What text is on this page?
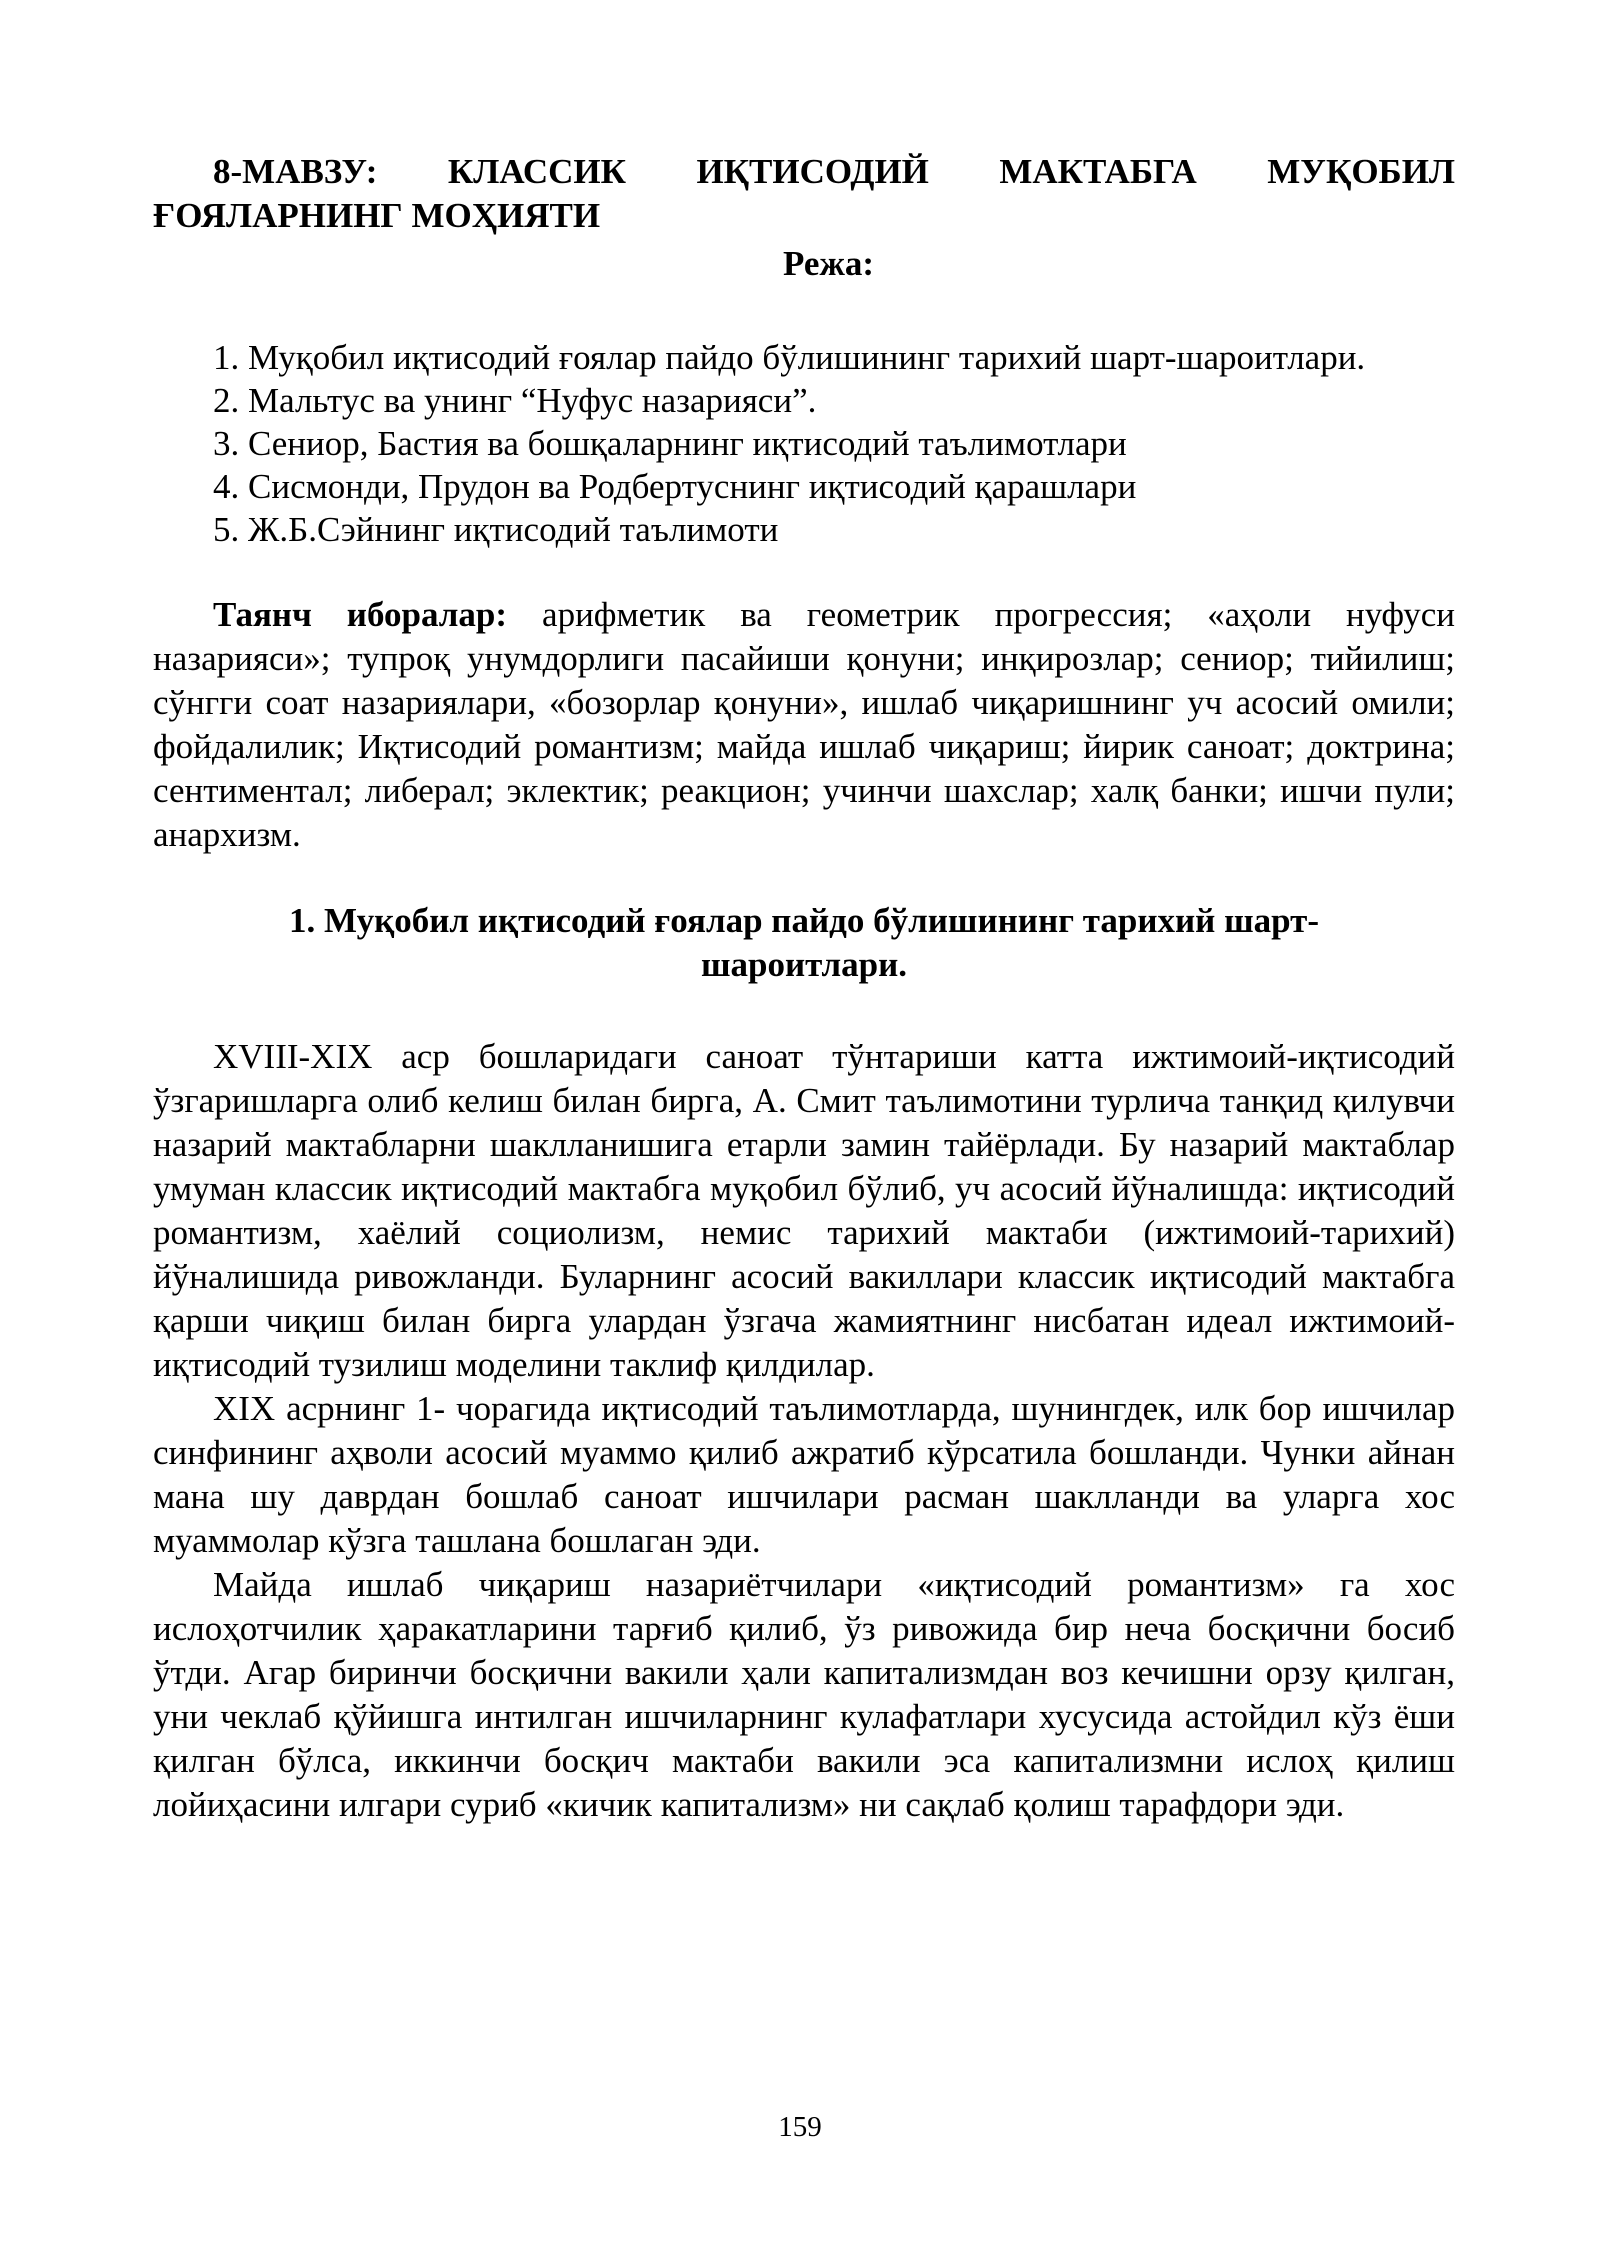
8-МАВЗУ: КЛАССИК ИҚТИСОДИЙ МАКТАБГА МУҚОБИЛ

ҒОЯЛАРНИНГ МОҲИЯТИ

Режа:

1. Муқобил иқтисодий ғоялар пайдо бўлишининг тарихий шарт-шароитлари.
2. Мальтус ва унинг “Нуфус назарияси”.
3. Сениор, Бастия ва бошқаларнинг иқтисодий таълимотлари
4. Сисмонди, Прудон ва Родбертуснинг иқтисодий қарашлари
5. Ж.Б.Сэйнинг иқтисодий таълимоти

Таянч иборалар: арифметик ва геометрик прогрессия; «аҳоли нуфуси назарияси»; тупроқ унумдорлиги пасайиши қонуни; инқирозлар; сениор; тийилиш; сўнгги соат назариялари, «бозорлар қонуни», ишлаб чиқаришнинг уч асосий омили; фойдалилик; Иқтисодий романтизм; майда ишлаб чиқариш; йирик саноат; доктрина; сентиментал; либерал; эклектик; реакцион; учинчи шахслар; халқ банки; ишчи пули; анархизм.

1. Муқобил иқтисодий ғоялар пайдо бўлишининг тарихий шарт-шароитлари.

XVIII-XIX аср бошларидаги саноат тўнтариши катта ижтимоий-иқтисодий ўзгаришларга олиб келиш билан бирга, А. Смит таълимотини турлича танқид қилувчи назарий мактабларни шаклланишига етарли замин тайёрлади. Бу назарий мактаблар умуман классик иқтисодий мактабга муқобил бўлиб, уч асосий йўналишда: иқтисодий романтизм, хаёлий социолизм, немис тарихий мактаби (ижтимоий-тарихий) йўналишида ривожланди. Буларнинг асосий вакиллари классик иқтисодий мактабга қарши чиқиш билан бирга улардан ўзгача жамиятнинг нисбатан идеал ижтимоий-иқтисодий тузилиш моделини таклиф қилдилар.

XIX асрнинг 1- чорагида иқтисодий таълимотларда, шунингдек, илк бор ишчилар синфининг аҳволи асосий муаммо қилиб ажратиб кўрсатила бошланди. Чунки айнан мана шу даврдан бошлаб саноат ишчилари расман шаклланди ва уларга хос муаммолар кўзга ташлана бошлаган эди.

Майда ишлаб чиқариш назариётчилари «иқтисодий романтизм» га хос ислоҳотчилик ҳаракатларини тарғиб қилиб, ўз ривожида бир неча босқични босиб ўтди. Агар биринчи босқични вакили ҳали капитализмдан воз кечишни орзу қилган, уни чеклаб қўйишга интилган ишчиларнинг кулафатлари хусусида астойдил кўз ёши қилган бўлса, иккинчи босқич мактаби вакили эса капитализмни ислоҳ қилиш лойиҳасини илгари суриб «кичик капитализм» ни сақлаб қолиш тарафдори эди.

159
